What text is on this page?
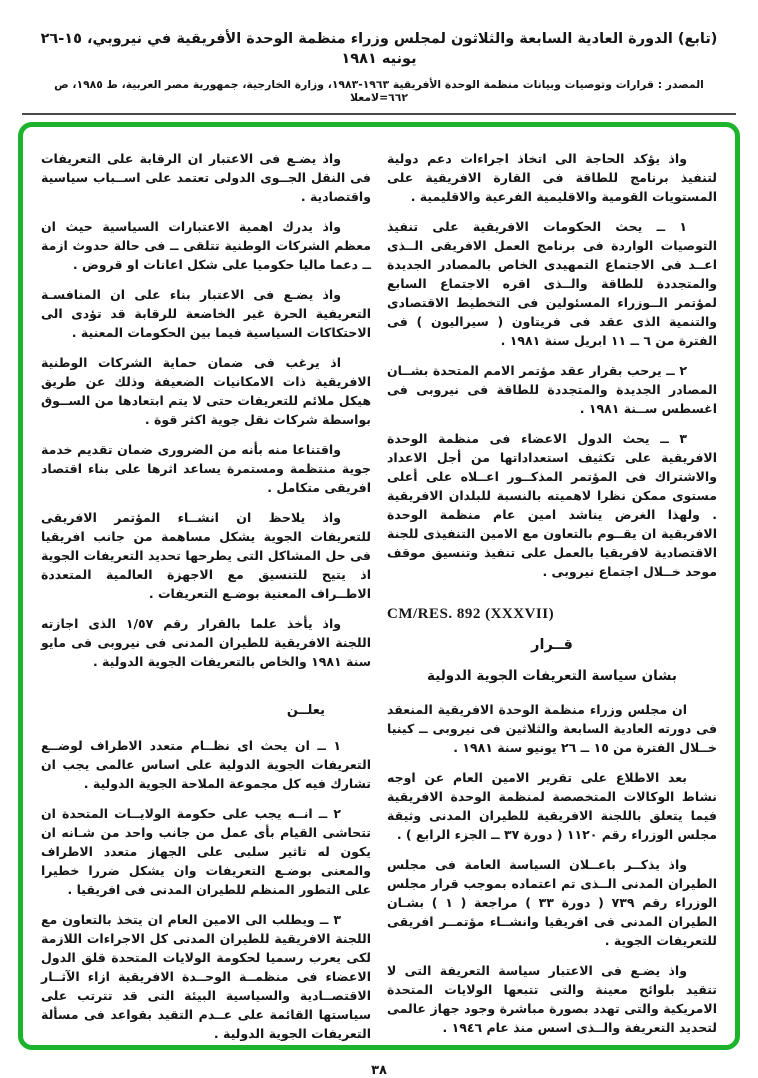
(تابع) الدورة العادية السابعة والثلاثون لمجلس وزراء منظمة الوحدة الأفريقية في نيروبي، ١٥-٢٦ يونيه ١٩٨١
المصدر : قرارات وتوصيات وبيانات منظمة الوحدة الأفريقية ١٩٦٣-١٩٨٣، وزارة الخارجية، جمهورية مصر العربية، ط ١٩٨٥، ص ٦٦٢=لامعلا

واذ يؤكد الحاجة الى اتخاذ اجراءات دعم دولية لتنفيذ برنامج للطاقة فى القارة الافريقية على المستويات القومية والاقليمية الفرعية والاقليمية .

١ ــ يحث الحكومات الافريقية على تنفيذ التوصيات الواردة فى برنامج العمل الافريقى الــذى اعــد فى الاجتماع التمهيدى الخاص بالمصادر الجديدة والمتجددة للطاقة والــذى اقره الاجتماع السابع لمؤتمر الــوزراء المسئولين فى التخطيط الاقتصادى والتنمية الذى عقد فى فريتاون ( سيراليون ) فى الفترة من ٦ ــ ١١ ابريل سنة ١٩٨١ .

٢ ــ يرحب بقرار عقد مؤتمر الامم المتحدة بشــان المصادر الجديدة والمتجددة للطاقة فى نيروبى فى اغسطس ســنة ١٩٨١ .

٣ ــ يحث الدول الاعضاء فى منظمة الوحدة الافريقية على تكثيف استعداداتها من أجل الاعداد والاشتراك فى المؤتمر المذكــور اعــلاه على أعلى مستوى ممكن نظرا لاهميته بالنسبة للبلدان الافريقية . ولهذا الغرض يناشد امين عام منظمة الوحدة الافريقية ان يقــوم بالتعاون مع الامين التنفيذى للجنة الاقتصادية لافريقيا بالعمل على تنفيذ وتنسيق موقف موحد خــلال اجتماع نيروبى .

CM/RES. 892 (XXXVII)

قــرار

بشان سياسة التعريفات الجوية الدولية

ان مجلس وزراء منظمة الوحدة الافريقية المنعقد فى دورته العادية السابعة والثلاثين فى نيروبى ــ كينيا خــلال الفترة من ١٥ ــ ٢٦ يونيو سنة ١٩٨١ .

بعد الاطلاع على تقرير الامين العام عن اوجه نشاط الوكالات المتخصصة لمنظمة الوحدة الافريقية فيما يتعلق باللجنة الافريقية للطيران المدنى وثيقة مجلس الوزراء رقم ١١٢٠ ( دورة ٣٧ ــ الجزء الرابع ) .

واذ يذكــر باعــلان السياسة العامة فى مجلس الطيران المدنى الــذى تم اعتماده بموجب قرار مجلس الوزراء رقم ٧٣٩ ( دورة ٣٣ ) مراجعة ( ١ ) بشـان الطيران المدنى فى افريقيا وانشــاء مؤتمــر افريقى للتعريفات الجوية .

واذ يضـع فى الاعتبار سياسة التعريفة التى لا تتقيد بلوائح معينة والتى تتبعها الولايات المتحدة الامريكية والتى تهدد بصورة مباشرة وجود جهاز عالمى لتحديد التعريفة والــذى اسس منذ عام ١٩٤٦ .

واذ يضـع فى الاعتبار ان الرقابة على التعريفات فى النقل الجــوى الدولى تعتمد على اســباب سياسية واقتصادية .

واذ يدرك اهمية الاعتبارات السياسية حيث ان معظم الشركات الوطنية تتلقى ــ فى حالة حدوث ازمة ــ دعما ماليا حكوميا على شكل اعانات او قروض .

واذ يضـع فى الاعتبار بناء على ان المنافسـة التعريفية الحرة غير الخاضعة للرقابة قد تؤدى الى الاحتكاكات السياسية فيما بين الحكومات المعنية .

اذ يرغب فى ضمان حماية الشركات الوطنية الافريقية ذات الامكانيات الضعيفة وذلك عن طريق هيكل ملائم للتعريفات حتى لا يتم ابتعادها من الســوق بواسطة شركات نقل جوية اكثر قوة .

واقتناعا منه بأنه من الضرورى ضمان تقديم خدمة جوية منتظمة ومستمرة يساعد اثرها على بناء اقتصاد افريقى متكامل .

واذ يلاحظ ان انشــاء المؤتمر الافريقى للتعريفات الجوية يشكل مساهمة من جانب افريقيا فى حل المشاكل التى يطرحها تحديد التعريفات الجوية اذ يتيح للتنسيق مع الاجهزة العالمية المتعددة الاطــراف المعنية بوضـع التعريفات .

واذ يأخذ علما بالقرار رقم ١/٥٧ الذى اجازته اللجنة الافريقية للطيران المدنى فى نيروبى فى مايو سنة ١٩٨١ والخاص بالتعريفات الجوية الدولية .

يعلــن

١ ــ ان يحث اى نظــام متعدد الاطراف لوضــع التعريفات الجوية الدولية على اساس عالمى يجب ان تشارك فيه كل مجموعة الملاحة الجوية الدولية .

٢ ــ انــه يجب على حكومة الولايــات المتحدة ان تتحاشى القيام بأى عمل من جانب واحد من شـانه ان يكون له تاثير سلبى على الجهاز متعدد الاطراف والمعنى بوضـع التعريفات وان يشكل ضررا خطيرا على التطور المنظم للطيران المدنى فى افريقيا .

٣ ــ ويطلب الى الامين العام ان يتخذ بالتعاون مع اللجنة الافريقية للطيران المدنى كل الاجراءات اللازمة لكى يعرب رسميا لحكومة الولايات المتحدة قلق الدول الاعضاء فى منظمــة الوحــدة الافريقية ازاء الآثــار الاقتصــادية والسياسية البيئة التى قد تترتب على سياستها القائمة على عــدم التقيد بقواعد فى مسألة التعريفات الجوية الدولية .

٣٨
